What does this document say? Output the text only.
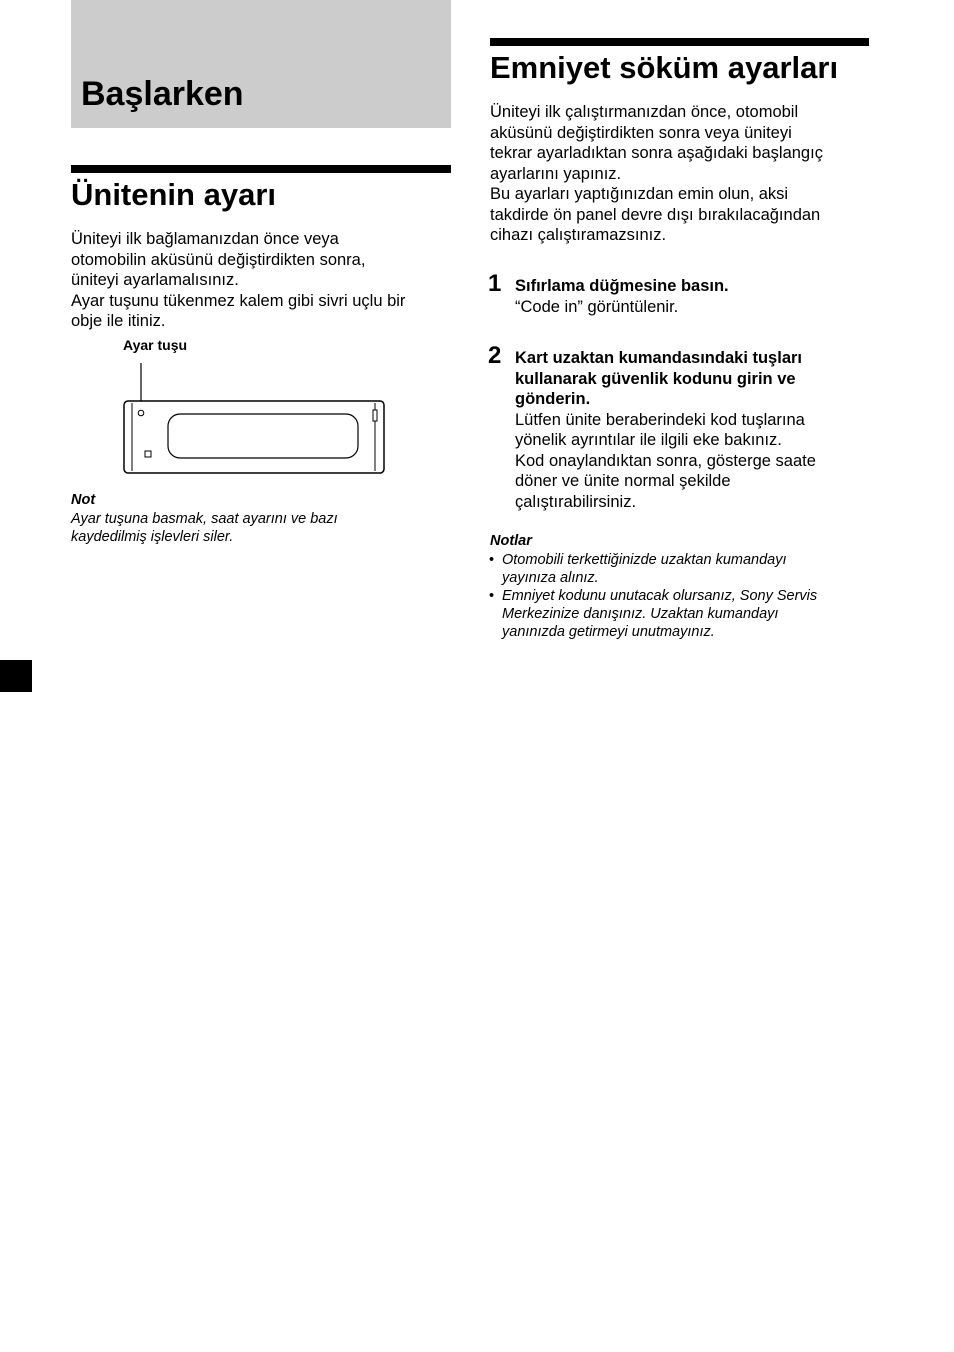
Başlarken
Ünitenin ayarı

Üniteyi ilk bağlamanızdan önce veya

otomobilin aküsünü değiştirdikten sonra,

üniteyi ayarlamalısınız.

Ayar tuşunu tükenmez kalem gibi sivri uçlu bir

obje ile itiniz.

Ayar tuşu
Not

Ayar tuşuna basmak, saat ayarını ve bazı

kaydedilmiş işlevleri siler.

Emniyet söküm ayarları

Üniteyi ilk çalıştırmanızdan önce, otomobil

aküsünü değiştirdikten sonra veya üniteyi

tekrar ayarladıktan sonra aşağıdaki başlangıç

ayarlarını yapınız.

Bu ayarları yaptığınızdan emin olun, aksi

takdirde ön panel devre dışı bırakılacağından

cihazı çalıştıramazsınız.

1 Sıfırlama düğmesine basın.

“Code in” görüntülenir.

2 Kart uzaktan kumandasındaki tuşları

kullanarak güvenlik kodunu girin ve

gönderin.

Lütfen ünite beraberindeki kod tuşlarına

yönelik ayrıntılar ile ilgili eke bakınız.

Kod onaylandıktan sonra, gösterge saate

döner ve ünite normal şekilde

çalıştırabilirsiniz.

Notlar
• Otomobili terkettiğinizde uzaktan kumandayı
yayınıza alınız.
• Emniyet kodunu unutacak olursanız, Sony Servis
Merkezinize danışınız. Uzaktan kumandayı
yanınızda getirmeyi unutmayınız.
